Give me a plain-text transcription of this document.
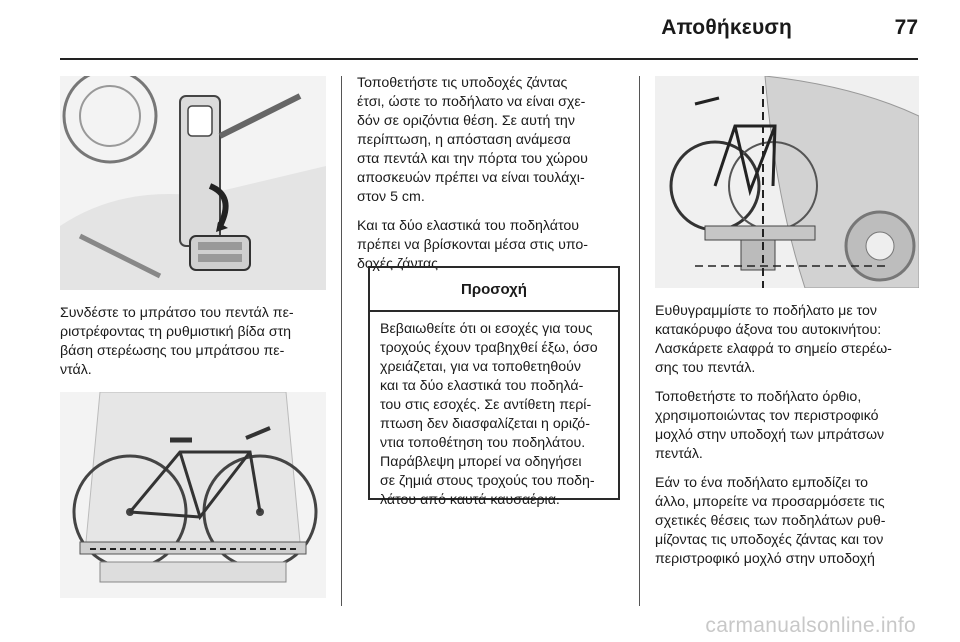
Αποθήκευση	77

Συνδέστε το μπράτσο του πεντάλ πε-
ριστρέφοντας τη ρυθμιστική βίδα στη
βάση στερέωσης του μπράτσου πε-
ντάλ.

Τοποθετήστε τις υποδοχές ζάντας
έτσι, ώστε το ποδήλατο να είναι σχε-
δόν σε οριζόντια θέση. Σε αυτή την
περίπτωση, η απόσταση ανάμεσα
στα πεντάλ και την πόρτα του χώρου
αποσκευών πρέπει να είναι τουλάχι-
στον 5 cm.

Και τα δύο ελαστικά του ποδηλάτου
πρέπει να βρίσκονται μέσα στις υπο-
δοχές ζάντας.

Προσοχή
Βεβαιωθείτε ότι οι εσοχές για τους
τροχούς έχουν τραβηχθεί έξω, όσο
χρειάζεται, για να τοποθετηθούν
και τα δύο ελαστικά του ποδηλά-
του στις εσοχές. Σε αντίθετη περί-
πτωση δεν διασφαλίζεται η οριζό-
ντια τοποθέτηση του ποδηλάτου.
Παράβλεψη μπορεί να οδηγήσει
σε ζημιά στους τροχούς του ποδη-
λάτου από καυτά καυσαέρια.

Ευθυγραμμίστε το ποδήλατο με τον
κατακόρυφο άξονα του αυτοκινήτου:
Λασκάρετε ελαφρά το σημείο στερέω-
σης του πεντάλ.

Τοποθετήστε το ποδήλατο όρθιο,
χρησιμοποιώντας τον περιστροφικό
μοχλό στην υποδοχή των μπράτσων
πεντάλ.

Εάν το ένα ποδήλατο εμποδίζει το
άλλο, μπορείτε να προσαρμόσετε τις
σχετικές θέσεις των ποδηλάτων ρυθ-
μίζοντας τις υποδοχές ζάντας και τον
περιστροφικό μοχλό στην υποδοχή

carmanualsonline.info
